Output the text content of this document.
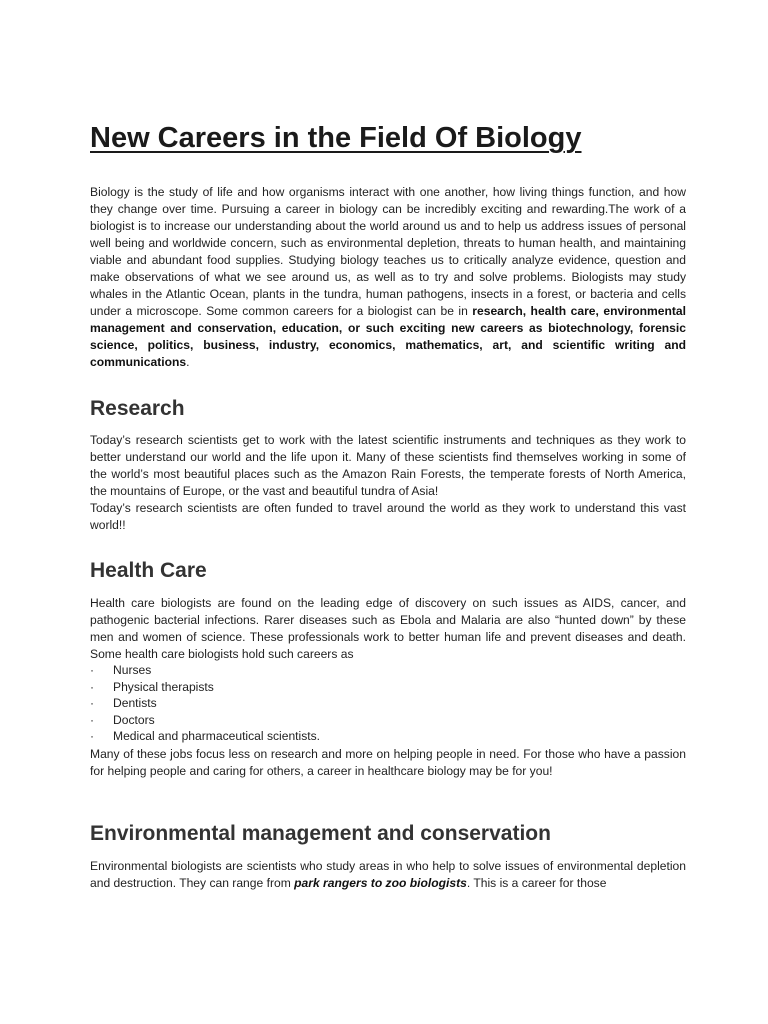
New Careers in the Field Of Biology

Biology is the study of life and how organisms interact with one another, how living things function, and how they change over time. Pursuing a career in biology can be incredibly exciting and rewarding.The work of a biologist is to increase our understanding about the world around us and to help us address issues of personal well being and worldwide concern, such as environmental depletion, threats to human health, and maintaining viable and abundant food supplies. Studying biology teaches us to critically analyze evidence, question and make observations of what we see around us, as well as to try and solve problems. Biologists may study whales in the Atlantic Ocean, plants in the tundra, human pathogens, insects in a forest, or bacteria and cells under a microscope. Some common careers for a biologist can be in research, health care, environmental management and conservation, education, or such exciting new careers as biotechnology, forensic science, politics, business, industry, economics, mathematics, art, and scientific writing and communications.

Research

Today’s research scientists get to work with the latest scientific instruments and techniques as they work to better understand our world and the life upon it. Many of these scientists find themselves working in some of the world’s most beautiful places such as the Amazon Rain Forests, the temperate forests of North America, the mountains of Europe, or the vast and beautiful tundra of Asia!

Today’s research scientists are often funded to travel around the world as they work to understand this vast world!!

Health Care

Health care biologists are found on the leading edge of discovery on such issues as AIDS, cancer, and pathogenic bacterial infections. Rarer diseases such as Ebola and Malaria are also “hunted down” by these men and women of science. These professionals work to better human life and prevent diseases and death. Some health care biologists hold such careers as

· Nurses
· Physical therapists
· Dentists
· Doctors
· Medical and pharmaceutical scientists.

Many of these jobs focus less on research and more on helping people in need. For those who have a passion for helping people and caring for others, a career in healthcare biology may be for you!

Environmental management and conservation

Environmental biologists are scientists who study areas in who help to solve issues of environmental depletion and destruction. They can range from park rangers to zoo biologists. This is a career for those
